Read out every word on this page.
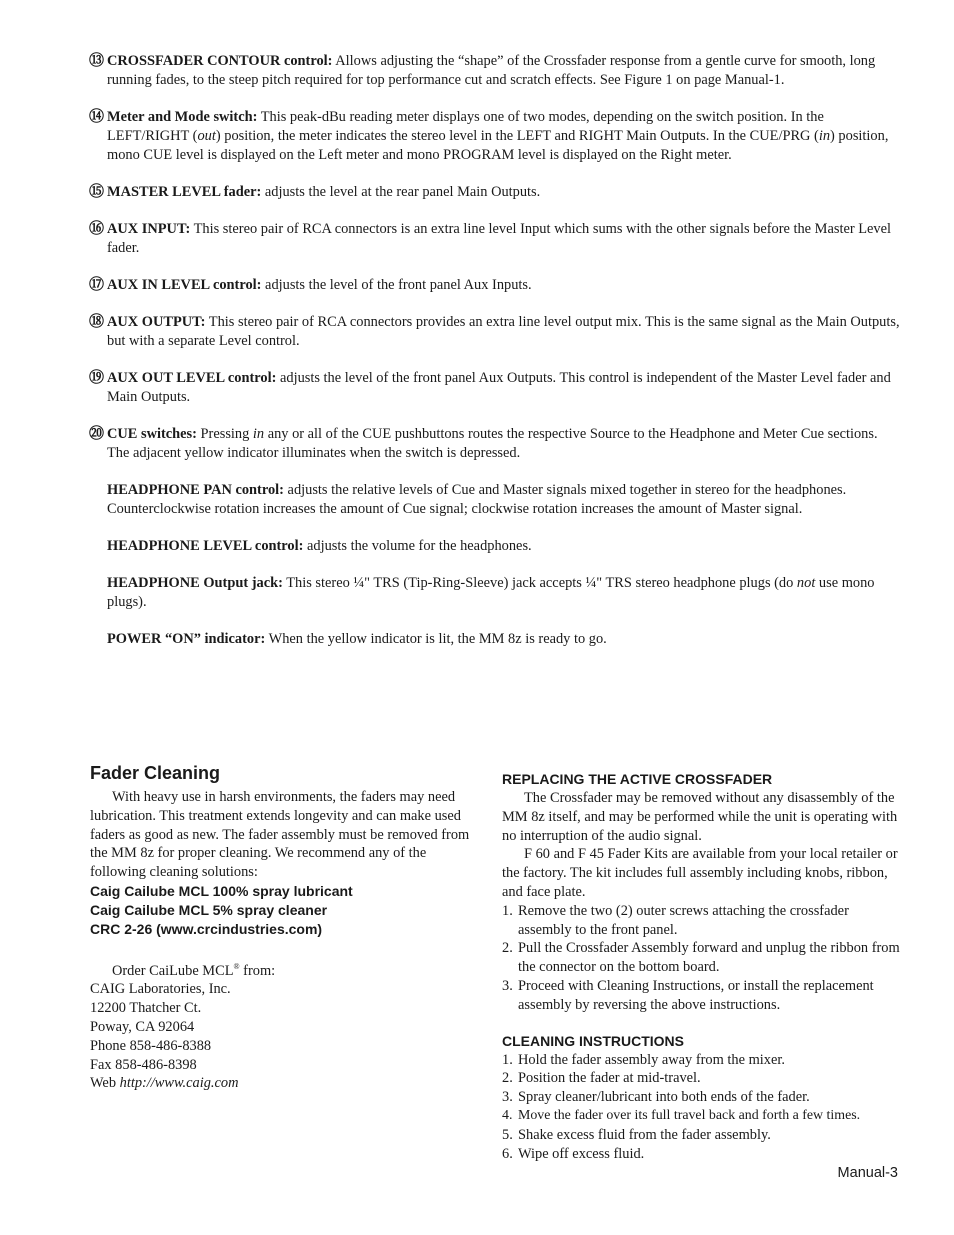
⑬ CROSSFADER CONTOUR control: Allows adjusting the “shape” of the Crossfader response from a gentle curve for smooth, long running fades, to the steep pitch required for top performance cut and scratch effects. See Figure 1 on page Manual-1.
⑭ Meter and Mode switch: This peak-dBu reading meter displays one of two modes, depending on the switch position. In the LEFT/RIGHT (out) position, the meter indicates the stereo level in the LEFT and RIGHT Main Outputs. In the CUE/PRG (in) position, mono CUE level is displayed on the Left meter and mono PROGRAM level is displayed on the Right meter.
⑮ MASTER LEVEL fader: adjusts the level at the rear panel Main Outputs.
⑯ AUX INPUT: This stereo pair of RCA connectors is an extra line level Input which sums with the other signals before the Master Level fader.
⑰ AUX IN LEVEL control: adjusts the level of the front panel Aux Inputs.
⑱ AUX OUTPUT: This stereo pair of RCA connectors provides an extra line level output mix. This is the same signal as the Main Outputs, but with a separate Level control.
⑲ AUX OUT LEVEL control: adjusts the level of the front panel Aux Outputs. This control is independent of the Master Level fader and Main Outputs.
⑳ CUE switches: Pressing in any or all of the CUE pushbuttons routes the respective Source to the Headphone and Meter Cue sections. The adjacent yellow indicator illuminates when the switch is depressed.
HEADPHONE PAN control: adjusts the relative levels of Cue and Master signals mixed together in stereo for the headphones. Counterclockwise rotation increases the amount of Cue signal; clockwise rotation increases the amount of Master signal.
HEADPHONE LEVEL control: adjusts the volume for the headphones.
HEADPHONE Output jack: This stereo ¼" TRS (Tip-Ring-Sleeve) jack accepts ¼" TRS stereo headphone plugs (do not use mono plugs).
POWER “ON” indicator: When the yellow indicator is lit, the MM 8z is ready to go.
Fader Cleaning

With heavy use in harsh environments, the faders may need lubrication. This treatment extends longevity and can make used faders as good as new. The fader assembly must be removed from the MM 8z for proper cleaning. We recommend any of the following cleaning solutions:

Caig Cailube MCL 100% spray lubricant

Caig Cailube MCL 5% spray cleaner

CRC 2-26 (www.crcindustries.com)

Order CaiLube MCL® from:

CAIG Laboratories, Inc.

12200 Thatcher Ct.

Poway, CA 92064

Phone 858-486-8388

Fax 858-486-8398

Web http://www.caig.com

REPLACING THE ACTIVE CROSSFADER

The Crossfader may be removed without any disassembly of the MM 8z itself, and may be performed while the unit is operating with no interruption of the audio signal.

F 60 and F 45 Fader Kits are available from your local retailer or the factory. The kit includes full assembly including knobs, ribbon, and face plate.

1. Remove the two (2) outer screws attaching the crossfader assembly to the front panel.
2. Pull the Crossfader Assembly forward and unplug the ribbon from the connector on the bottom board.
3. Proceed with Cleaning Instructions, or install the replacement assembly by reversing the above instructions.
CLEANING INSTRUCTIONS
1. Hold the fader assembly away from the mixer.
2. Position the fader at mid-travel.
3. Spray cleaner/lubricant into both ends of the fader.
4. Move the fader over its full travel back and forth a few times.
5. Shake excess fluid from the fader assembly.
6. Wipe off excess fluid.
Manual-3
